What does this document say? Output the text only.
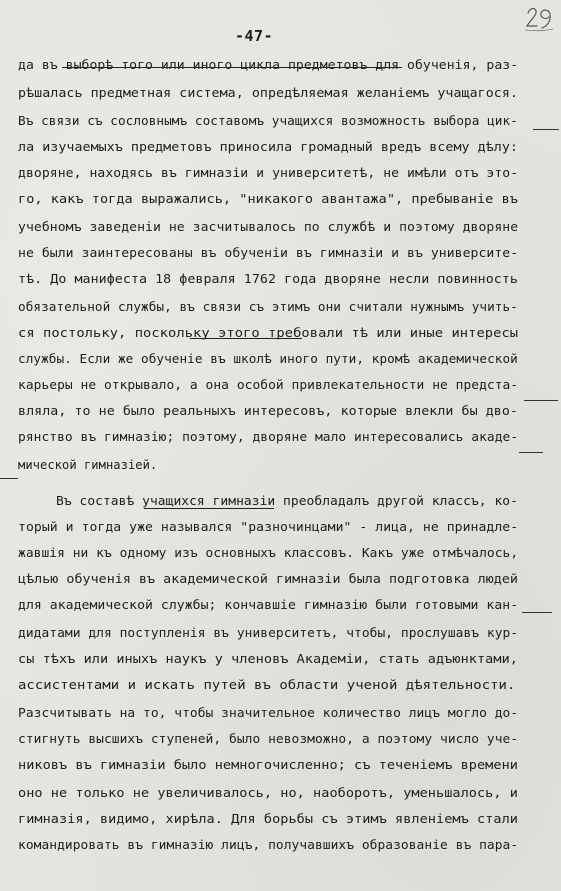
-47-
да въ выборѣ того или иного цикла предметовъ для обученія, раз-
рѣшалась предметная система, опредѣляемая желаніемъ учащагося.
Въ связи съ сословнымъ составомъ учащихся возможность выбора цик-
ла изучаемыхъ предметовъ приносила громадный вредъ всему дѣлу:
дворяне, находясь въ гимназіи и университетѣ, не имѣли отъ это-
го, какъ тогда выражались, "никакого авантажа", пребываніе въ
учебномъ заведеніи не засчитывалось по службѣ и поэтому дворяне
не были заинтересованы въ обученіи въ гимназіи и въ университе-
тѣ. До манифеста 18 февраля 1762 года дворяне несли повинность
обязательной службы, въ связи съ этимъ они считали нужнымъ учить-
ся постольку, поскольку этого требовали тѣ или иные интересы
службы. Если же обученіе въ школѣ иного пути, кромѣ академической
карьеры не открывало, а она особой привлекательности не предста-
вляла, то не было реальныхъ интересовъ, которые влекли бы дво-
рянство въ гимназію; поэтому, дворяне мало интересовались акаде-
мической гимназіей.
Въ составѣ учащихся гимназіи преобладалъ другой классъ, ко-
торый и тогда уже назывался "разночинцами" - лица, не принадле-
жавшія ни къ одному изъ основныхъ классовъ. Какъ уже отмѣчалось,
цѣлью обученія въ академической гимназіи была подготовка людей
для академической службы; кончавшіе гимназію были готовыми кан-
дидатами для поступленія въ университетъ, чтобы, прослушавъ кур-
сы тѣхъ или иныхъ наукъ у членовъ Академіи, стать адъюнктами,
ассистентами и искать путей въ области ученой дѣятельности.
Разсчитывать на то, чтобы значительное количество лицъ могло до-
стигнуть высшихъ ступеней, было невозможно, а поэтому число уче-
никовъ въ гимназіи было немногочисленно; съ теченіемъ времени
оно не только не увеличивалось, но, наоборотъ, уменьшалось, и
гимназія, видимо, хирѣла. Для борьбы съ этимъ явленіемъ стали
командировать въ гимназію лицъ, получавшихъ образованіе въ пара-
